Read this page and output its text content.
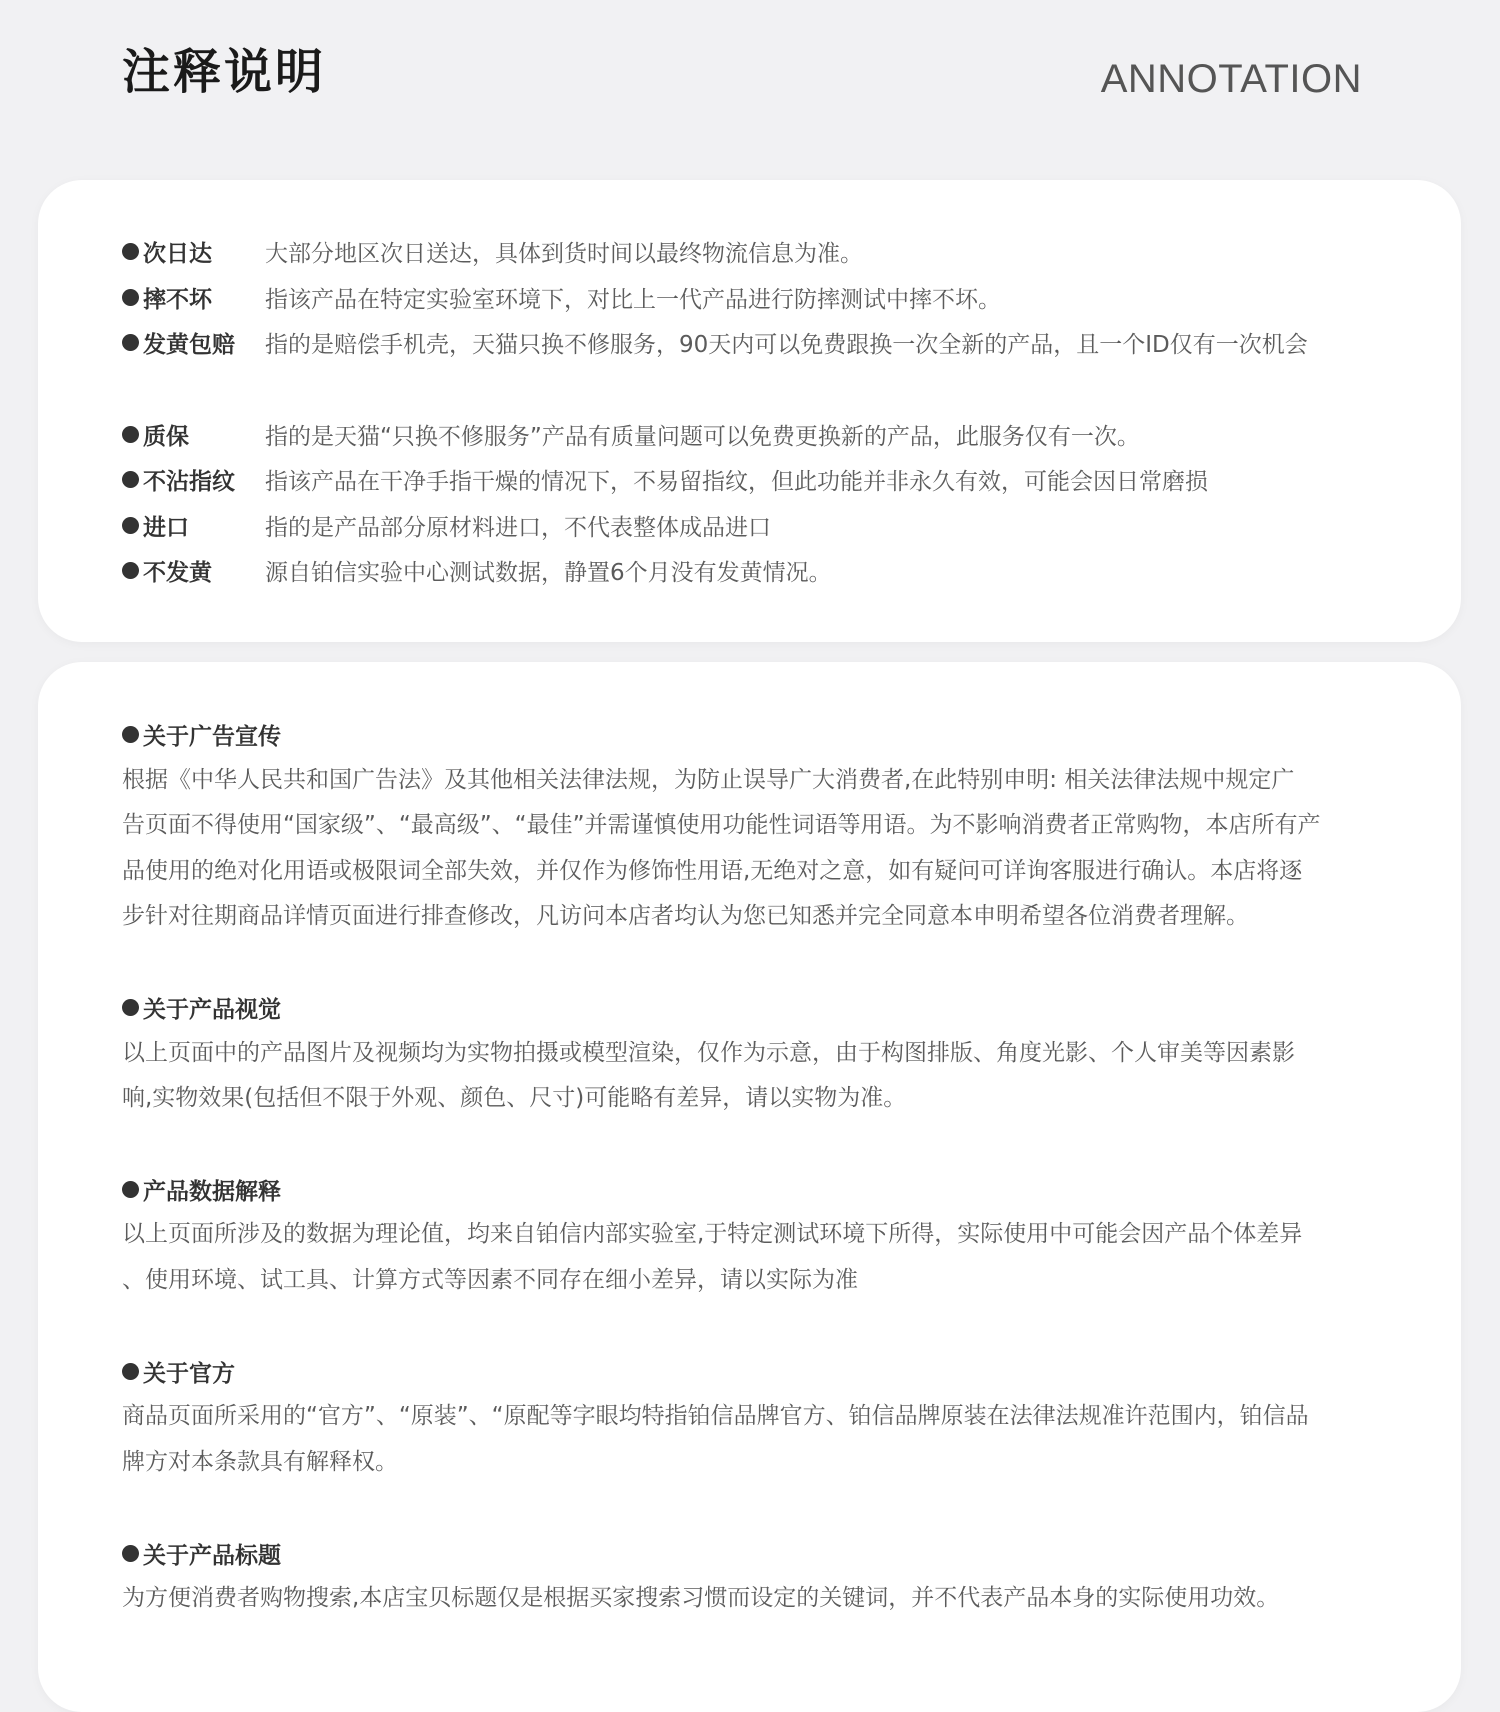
注释说明	ANNOTATION
次日达	大部分地区次日送达，具体到货时间以最终物流信息为准。
摔不坏	指该产品在特定实验室环境下，对比上一代产品进行防摔测试中摔不坏。
发黄包赔	指的是赔偿手机壳，天猫只换不修服务，90天内可以免费跟换一次全新的产品，且一个ID仅有一次机会
质保	指的是天猫“只换不修服务”产品有质量问题可以免费更换新的产品，此服务仅有一次。
不沾指纹	指该产品在干净手指干燥的情况下，不易留指纹，但此功能并非永久有效，可能会因日常磨损
进口	指的是产品部分原材料进口，不代表整体成品进口
不发黄	源自铂信实验中心测试数据，静置6个月没有发黄情况。
关于广告宣传
根据《中华人民共和国广告法》及其他相关法律法规，为防止误导广大消费者,在此特别申明: 相关法律法规中规定广
告页面不得使用“国家级”、“最高级”、“最佳”并需谨慎使用功能性词语等用语。为不影响消费者正常购物，本店所有产
品使用的绝对化用语或极限词全部失效，并仅作为修饰性用语,无绝对之意，如有疑问可详询客服进行确认。本店将逐
步针对往期商品详情页面进行排查修改，凡访问本店者均认为您已知悉并完全同意本申明希望各位消费者理解。
关于产品视觉
以上页面中的产品图片及视频均为实物拍摄或模型渲染，仅作为示意，由于构图排版、角度光影、个人审美等因素影
响,实物效果(包括但不限于外观、颜色、尺寸)可能略有差异，请以实物为准。
产品数据解释
以上页面所涉及的数据为理论值，均来自铂信内部实验室,于特定测试环境下所得，实际使用中可能会因产品个体差异
、使用环境、试工具、计算方式等因素不同存在细小差异，请以实际为准
关于官方
商品页面所采用的“官方”、“原装”、“原配等字眼均特指铂信品牌官方、铂信品牌原装在法律法规准许范围内，铂信品
牌方对本条款具有解释权。
关于产品标题
为方便消费者购物搜索,本店宝贝标题仅是根据买家搜索习惯而设定的关键词，并不代表产品本身的实际使用功效。
